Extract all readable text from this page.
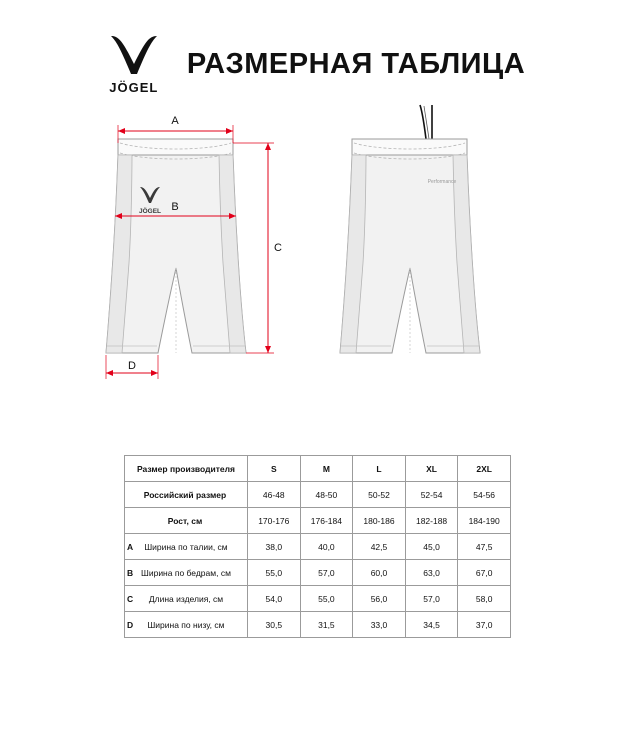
JÖGEL
РАЗМЕРНАЯ ТАБЛИЦА
JÖGEL
A
B
C
D
Performance
	Размер производителя	S	M	L	XL	2XL
	Российский размер	46-48	48-50	50-52	52-54	54-56
	Рост, см	170-176	176-184	180-186	182-188	184-190
A	Ширина по талии, см	38,0	40,0	42,5	45,0	47,5
B	Ширина по бедрам, см	55,0	57,0	60,0	63,0	67,0
C	Длина изделия, см	54,0	55,0	56,0	57,0	58,0
D	Ширина по низу, см	30,5	31,5	33,0	34,5	37,0
